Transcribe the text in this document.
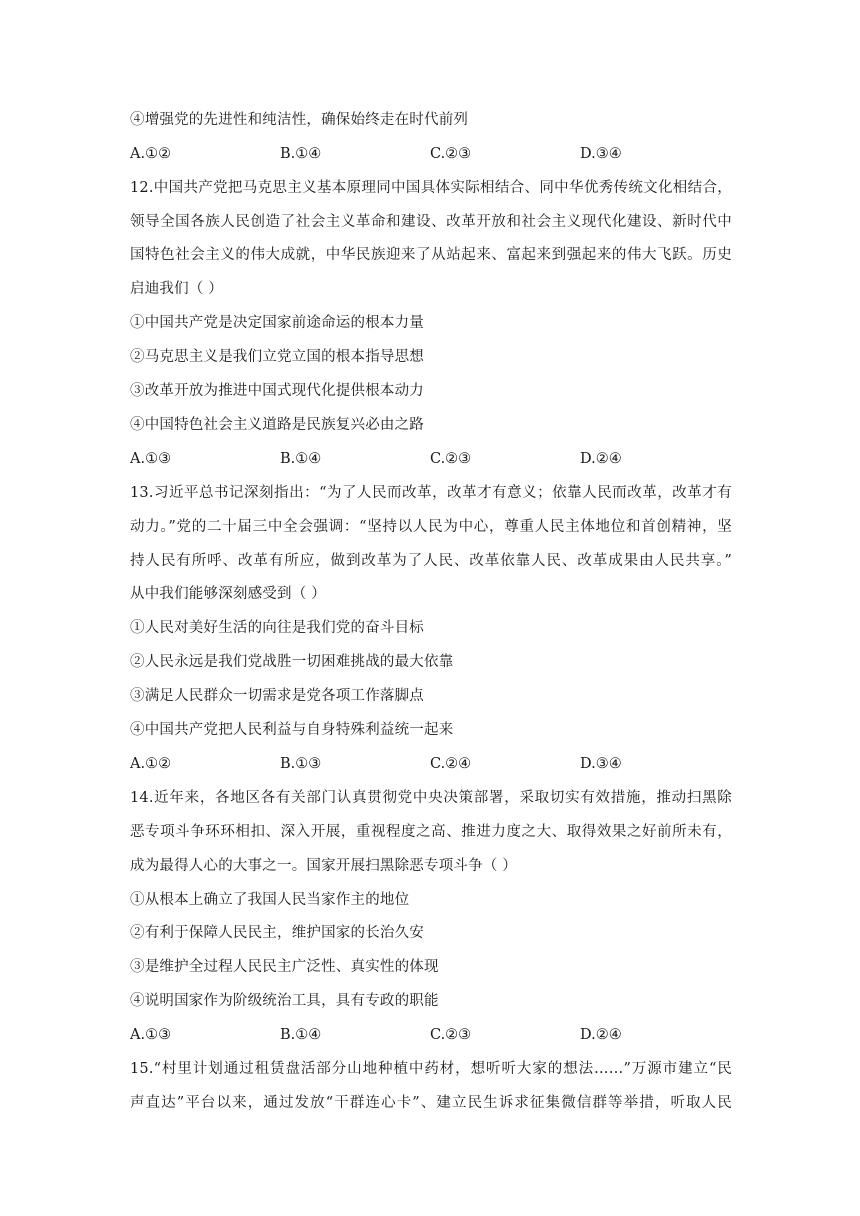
④增强党的先进性和纯洁性，确保始终走在时代前列
A.①②	B.①④	C.②③	D.③④
12.中国共产党把马克思主义基本原理同中国具体实际相结合、同中华优秀传统文化相结合，
领导全国各族人民创造了社会主义革命和建设、改革开放和社会主义现代化建设、新时代中
国特色社会主义的伟大成就，中华民族迎来了从站起来、富起来到强起来的伟大飞跃。历史
启迪我们（ ）
①中国共产党是决定国家前途命运的根本力量
②马克思主义是我们立党立国的根本指导思想
③改革开放为推进中国式现代化提供根本动力
④中国特色社会主义道路是民族复兴必由之路
A.①③	B.①④	C.②③	D.②④
13.习近平总书记深刻指出：“为了人民而改革，改革才有意义；依靠人民而改革，改革才有
动力。”党的二十届三中全会强调：“坚持以人民为中心，尊重人民主体地位和首创精神，坚
持人民有所呼、改革有所应，做到改革为了人民、改革依靠人民、改革成果由人民共享。”
从中我们能够深刻感受到（ ）
①人民对美好生活的向往是我们党的奋斗目标
②人民永远是我们党战胜一切困难挑战的最大依靠
③满足人民群众一切需求是党各项工作落脚点
④中国共产党把人民利益与自身特殊利益统一起来
A.①②	B.①③	C.②④	D.③④
14.近年来，各地区各有关部门认真贯彻党中央决策部署，采取切实有效措施，推动扫黑除
恶专项斗争环环相扣、深入开展，重视程度之高、推进力度之大、取得效果之好前所未有，
成为最得人心的大事之一。国家开展扫黑除恶专项斗争（ ）
①从根本上确立了我国人民当家作主的地位
②有利于保障人民民主，维护国家的长治久安
③是维护全过程人民民主广泛性、真实性的体现
④说明国家作为阶级统治工具，具有专政的职能
A.①③	B.①④	C.②③	D.②④
15.“村里计划通过租赁盘活部分山地种植中药材，想听听大家的想法……”万源市建立“民
声直达”平台以来，通过发放“干群连心卡”、建立民生诉求征集微信群等举措，听取人民
